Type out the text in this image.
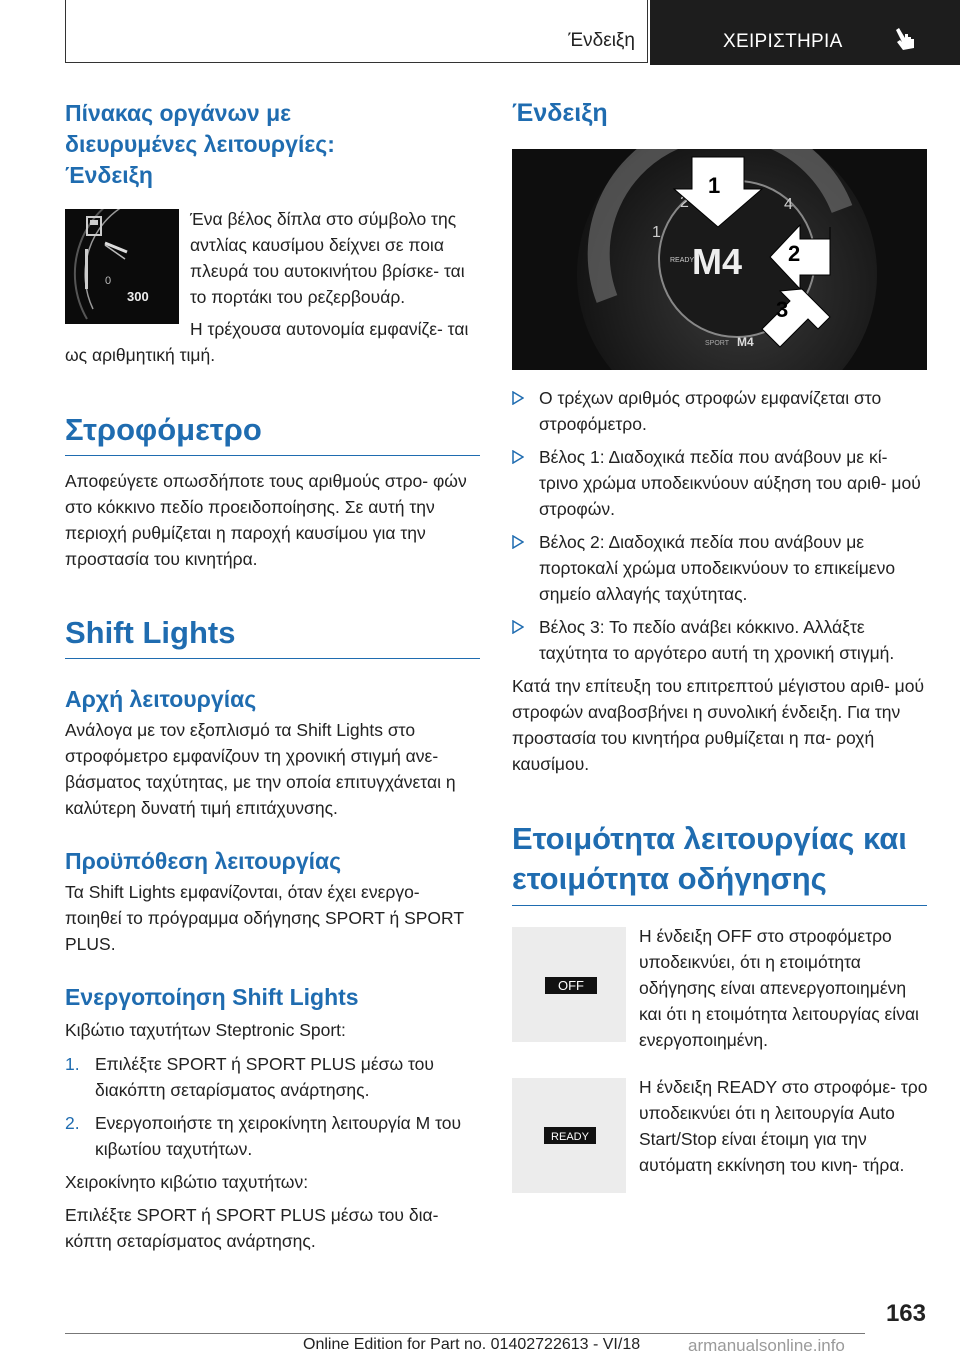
Ένδειξη	ΧΕΙΡΙΣΤΗΡΙΑ
Πίνακας οργάνων με διευρυμένες λειτουργίες: Ένδειξη
0
300

Ένα βέλος δίπλα στο σύμβολο της αντλίας καυσίμου δείχνει σε ποια πλευρά του αυτοκινήτου βρίσκε- ται το πορτάκι του ρεζερβουάρ.

Η τρέχουσα αυτονομία εμφανίζε- ται ως αριθμητική τιμή.

Στροφόμετρο

Αποφεύγετε οπωσδήποτε τους αριθμούς στρο- φών στο κόκκινο πεδίο προειδοποίησης. Σε αυτή την περιοχή ρυθμίζεται η παροχή καυσίμου για την προστασία του κινητήρα.

Shift Lights
Αρχή λειτουργίας

Ανάλογα με τον εξοπλισμό τα Shift Lights στο στροφόμετρο εμφανίζουν τη χρονική στιγμή ανε- βάσματος ταχύτητας, με την οποία επιτυγχάνεται η καλύτερη δυνατή τιμή επιτάχυνσης.

Προϋπόθεση λειτουργίας

Τα Shift Lights εμφανίζονται, όταν έχει ενεργο- ποιηθεί το πρόγραμμα οδήγησης SPORT ή SPORT PLUS.

Ενεργοποίηση Shift Lights

Κιβώτιο ταχυτήτων Steptronic Sport:

1. Επιλέξτε SPORT ή SPORT PLUS μέσω του διακόπτη σεταρίσματος ανάρτησης.
2. Ενεργοποιήστε τη χειροκίνητη λειτουργία M του κιβωτίου ταχυτήτων.

Χειροκίνητο κιβώτιο ταχυτήτων:

Επιλέξτε SPORT ή SPORT PLUS μέσω του δια- κόπτη σεταρίσματος ανάρτησης.

Ένδειξη
1
2	4
READY
M4
SPORT M4
1
2
3
Ο τρέχων αριθμός στροφών εμφανίζεται στο στροφόμετρο.
Βέλος 1: Διαδοχικά πεδία που ανάβουν με κί- τρινο χρώμα υποδεικνύουν αύξηση του αριθ- μού στροφών.
Βέλος 2: Διαδοχικά πεδία που ανάβουν με πορτοκαλί χρώμα υποδεικνύουν το επικείμενο σημείο αλλαγής ταχύτητας.
Βέλος 3: Το πεδίο ανάβει κόκκινο. Αλλάξτε ταχύτητα το αργότερο αυτή τη χρονική στιγμή.

Κατά την επίτευξη του επιτρεπτού μέγιστου αριθ- μού στροφών αναβοσβήνει η συνολική ένδειξη. Για την προστασία του κινητήρα ρυθμίζεται η πα- ροχή καυσίμου.

Ετοιμότητα λειτουργίας και ετοιμότητα οδήγησης
OFF

Η ένδειξη OFF στο στροφόμετρο υποδεικνύει, ότι η ετοιμότητα οδήγησης είναι απενεργοποιημένη και ότι η ετοιμότητα λειτουργίας είναι ενεργοποιημένη.

READY

Η ένδειξη READY στο στροφόμε- τρο υποδεικνύει ότι η λειτουργία Auto Start/Stop είναι έτοιμη για την αυτόματη εκκίνηση του κινη- τήρα.

163
Online Edition for Part no. 01402722613 - VI/18	armanualsonline.info
